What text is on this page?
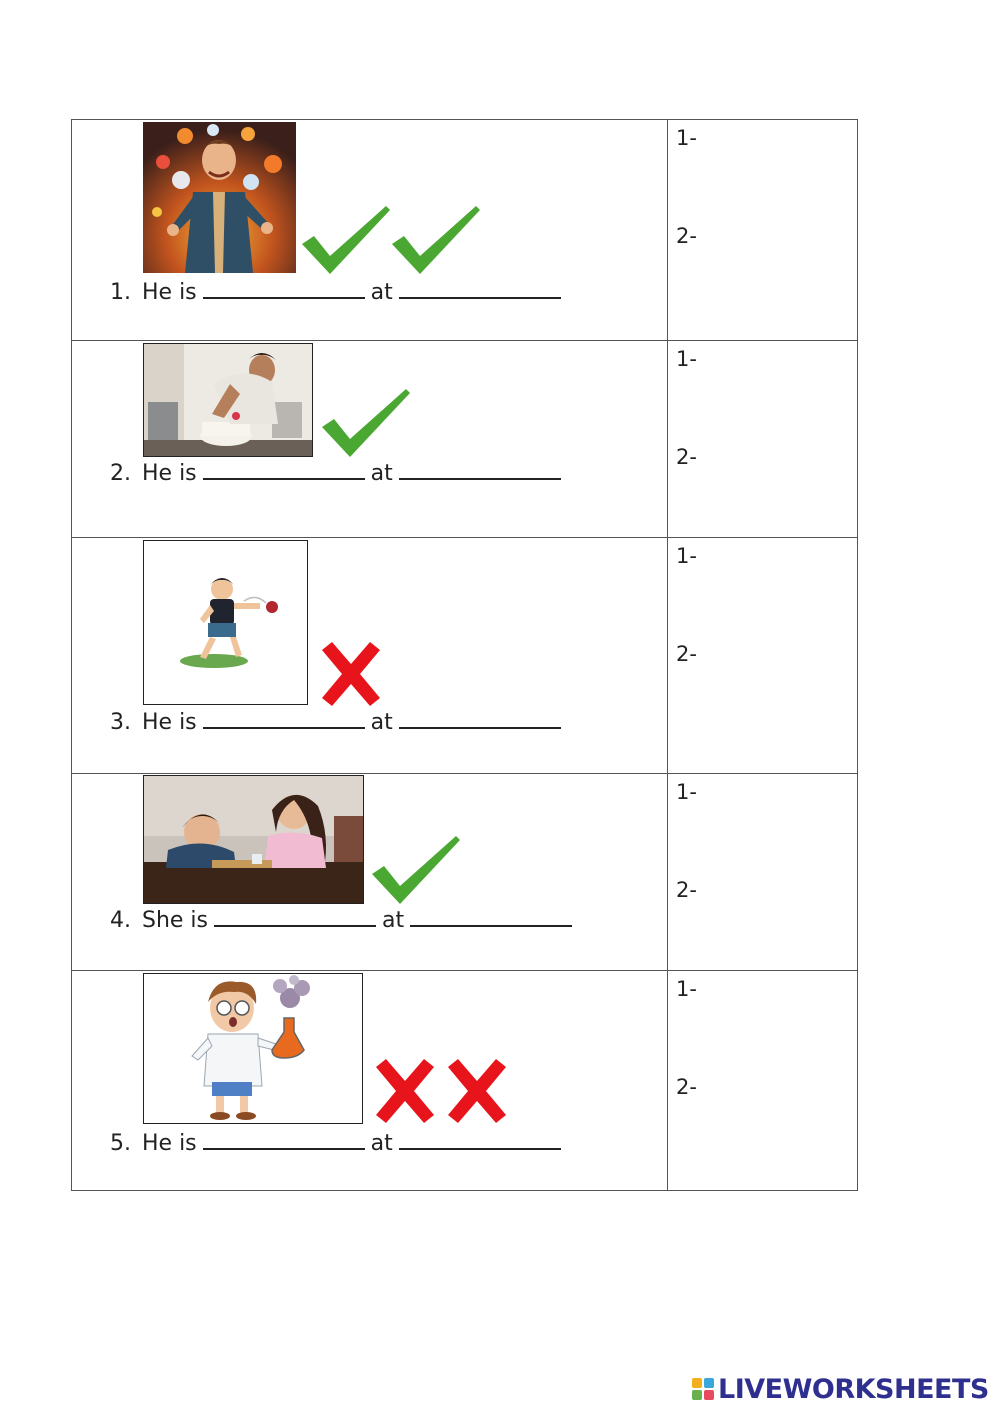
1. He is	at
1-
2-
2. He is	at
1-
2-
3. He is	at
1-
2-
4. She is	at
1-
2-
5. He is	at
1-
2-
LIVEWORKSHEETS
